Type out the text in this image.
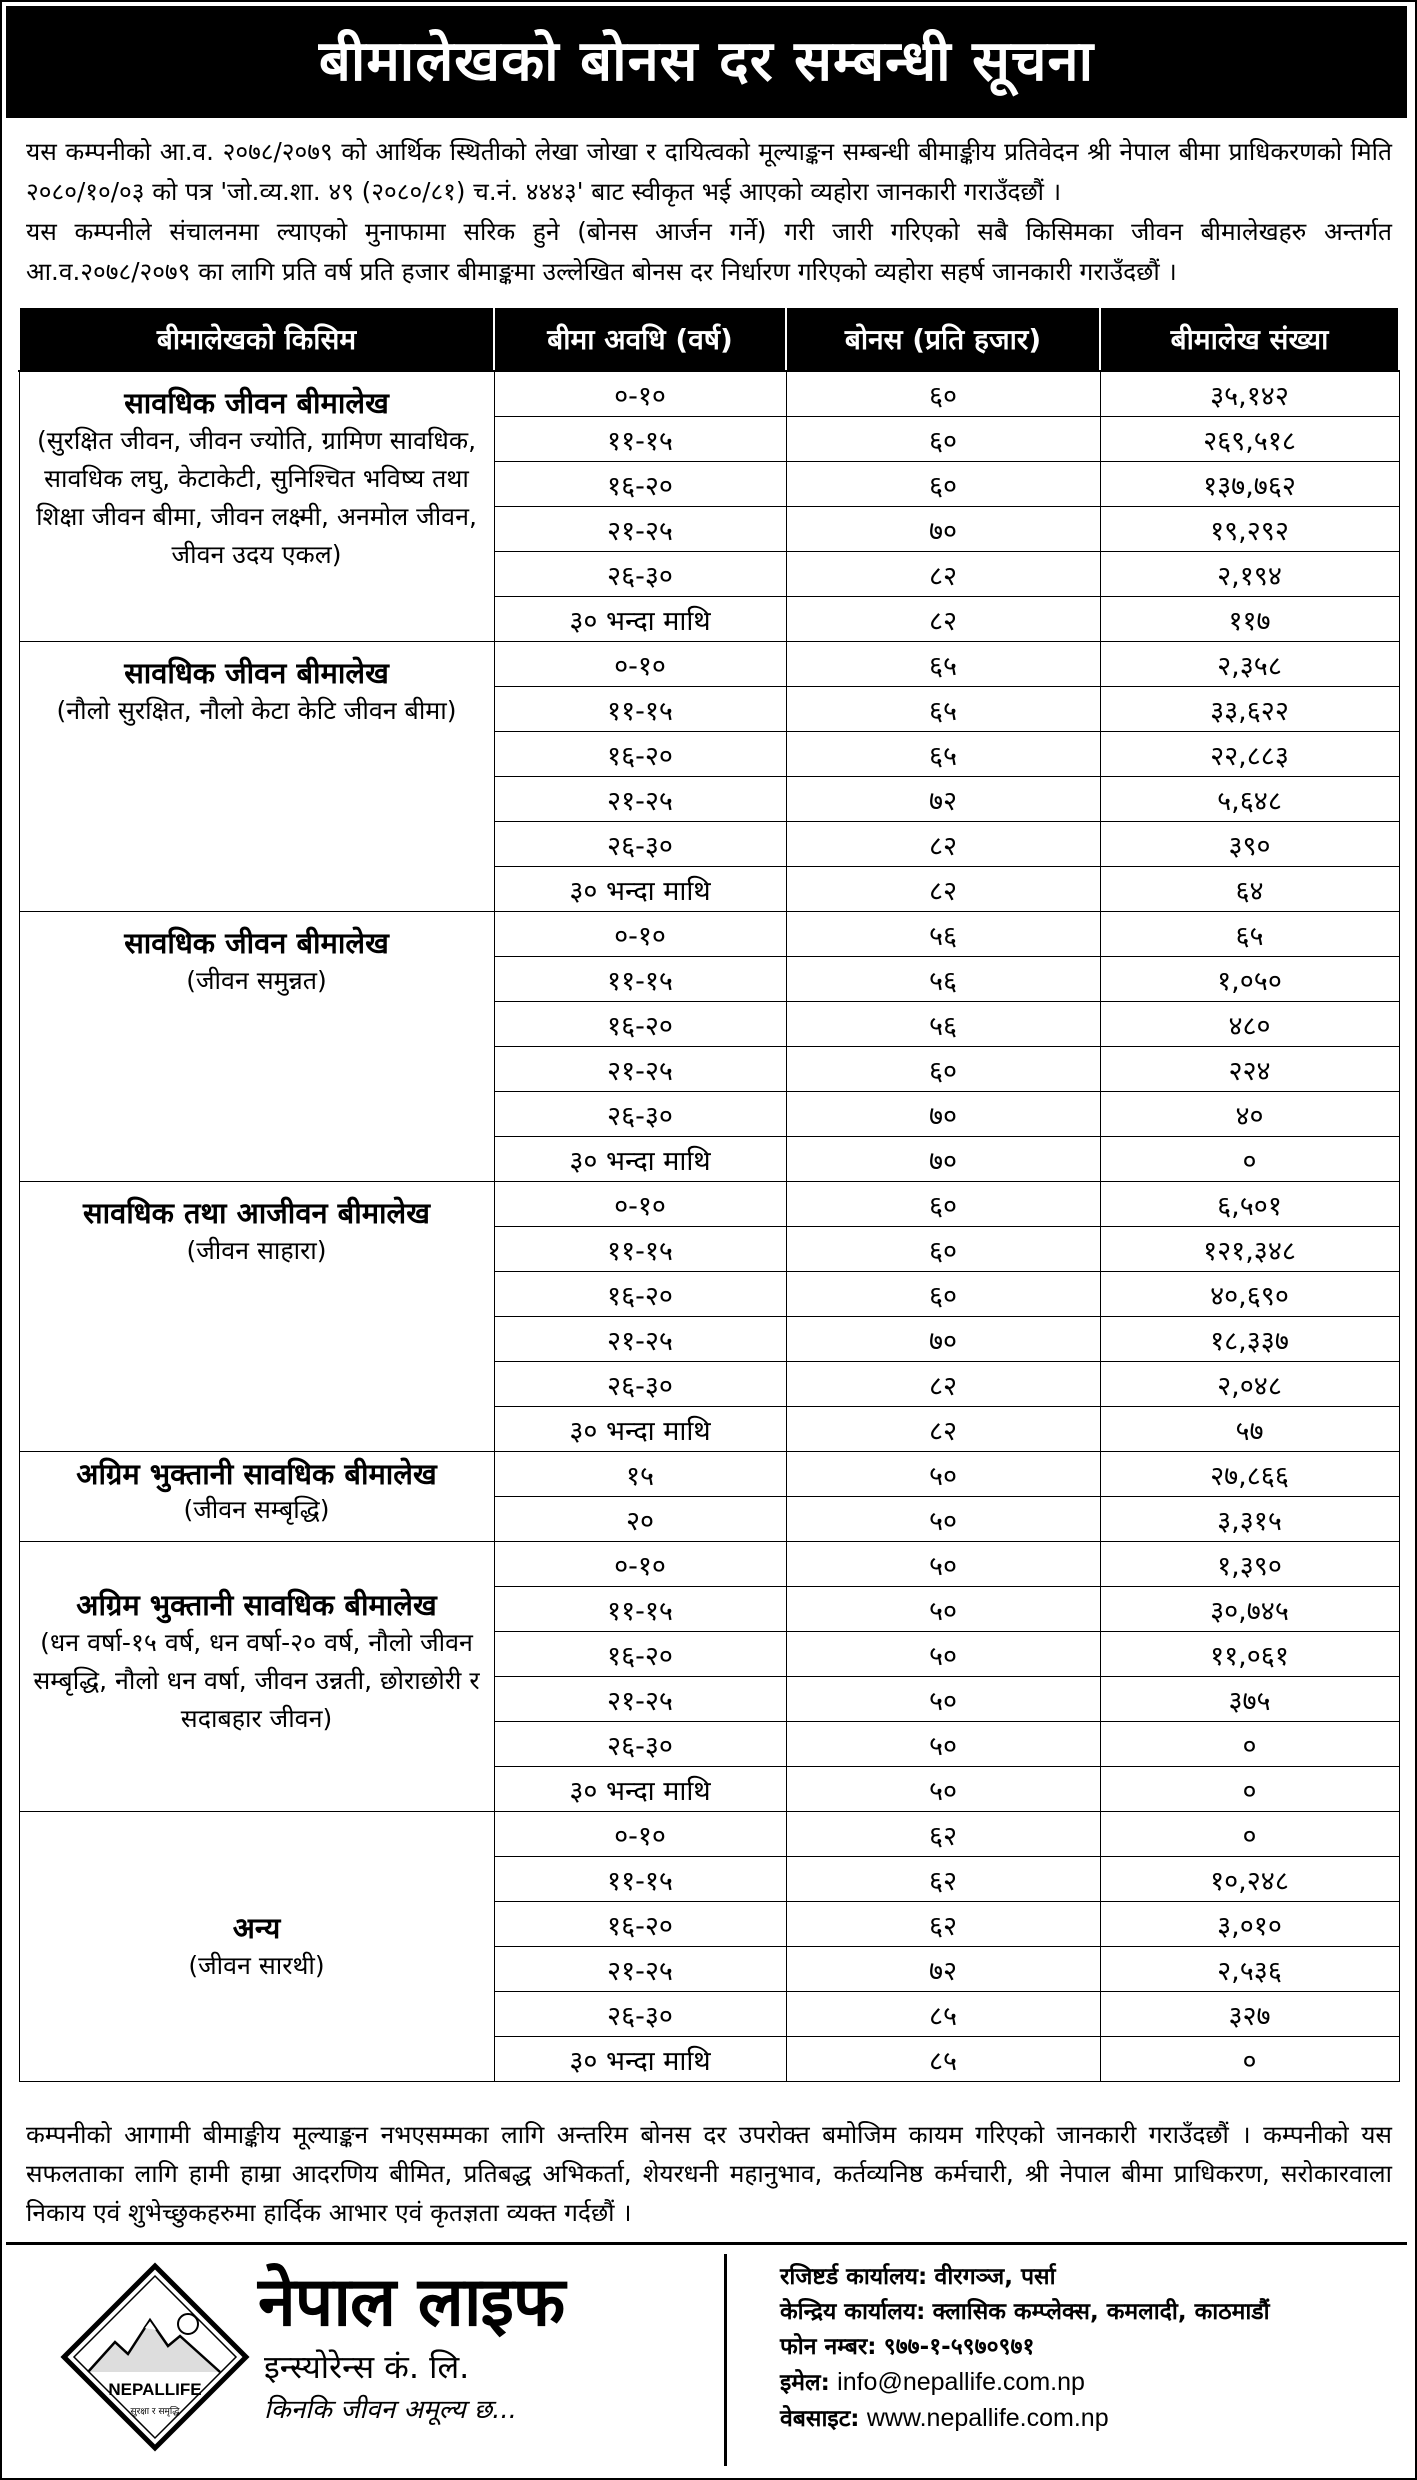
बीमालेखको बोनस दर सम्बन्धी सूचना

यस कम्पनीको आ.व. २०७८/२०७९ को आर्थिक स्थितीको लेखा जोखा र दायित्वको मूल्याङ्कन सम्बन्धी बीमाङ्कीय प्रतिवेदन श्री नेपाल बीमा प्राधिकरणको मिति २०८०/१०/०३ को पत्र 'जो.व्य.शा. ४९ (२०८०/८१) च.नं. ४४४३' बाट स्वीकृत भई आएको व्यहोरा जानकारी गराउँदछौं ।

यस कम्पनीले संचालनमा ल्याएको मुनाफामा सरिक हुने (बोनस आर्जन गर्ने) गरी जारी गरिएको सबै किसिमका जीवन बीमालेखहरु अन्तर्गत आ.व.२०७८/२०७९ का लागि प्रति वर्ष प्रति हजार बीमाङ्कमा उल्लेखित बोनस दर निर्धारण गरिएको व्यहोरा सहर्ष जानकारी गराउँदछौं ।

बीमालेखको किसिम	बीमा अवधि (वर्ष)	बोनस (प्रति हजार)	बीमालेख संख्या

सावधिक जीवन बीमालेख
(सुरक्षित जीवन, जीवन ज्योति, ग्रामिण सावधिक, सावधिक लघु, केटाकेटी, सुनिश्चित भविष्य तथा शिक्षा जीवन बीमा, जीवन लक्ष्मी, अनमोल जीवन, जीवन उदय एकल)	०-१०	६०	३५,१४२
	११-१५	६०	२६९,५१८
	१६-२०	६०	१३७,७६२
	२१-२५	७०	१९,२९२
	२६-३०	८२	२,१९४
	३० भन्दा माथि	८२	११७

सावधिक जीवन बीमालेख
(नौलो सुरक्षित, नौलो केटा केटि जीवन बीमा)	०-१०	६५	२,३५८
	११-१५	६५	३३,६२२
	१६-२०	६५	२२,८८३
	२१-२५	७२	५,६४८
	२६-३०	८२	३९०
	३० भन्दा माथि	८२	६४

सावधिक जीवन बीमालेख
(जीवन समुन्नत)	०-१०	५६	६५
	११-१५	५६	१,०५०
	१६-२०	५६	४८०
	२१-२५	६०	२२४
	२६-३०	७०	४०
	३० भन्दा माथि	७०	०

सावधिक तथा आजीवन बीमालेख
(जीवन साहारा)	०-१०	६०	६,५०१
	११-१५	६०	१२१,३४८
	१६-२०	६०	४०,६९०
	२१-२५	७०	१८,३३७
	२६-३०	८२	२,०४८
	३० भन्दा माथि	८२	५७

अग्रिम भुक्तानी सावधिक बीमालेख
(जीवन सम्बृद्धि)	१५	५०	२७,८६६
	२०	५०	३,३१५

अग्रिम भुक्तानी सावधिक बीमालेख
(धन वर्षा-१५ वर्ष, धन वर्षा-२० वर्ष, नौलो जीवन सम्बृद्धि, नौलो धन वर्षा, जीवन उन्नती, छोराछोरी र सदाबहार जीवन)	०-१०	५०	१,३९०
	११-१५	५०	३०,७४५
	१६-२०	५०	११,०६१
	२१-२५	५०	३७५
	२६-३०	५०	०
	३० भन्दा माथि	५०	०

अन्य
(जीवन सारथी)	०-१०	६२	०
	११-१५	६२	१०,२४८
	१६-२०	६२	३,०१०
	२१-२५	७२	२,५३६
	२६-३०	८५	३२७
	३० भन्दा माथि	८५	०

कम्पनीको आगामी बीमाङ्कीय मूल्याङ्कन नभएसम्मका लागि अन्तरिम बोनस दर उपरोक्त बमोजिम कायम गरिएको जानकारी गराउँदछौं । कम्पनीको यस सफलताका लागि हामी हाम्रा आदरणिय बीमित, प्रतिबद्ध अभिकर्ता, शेयरधनी महानुभाव, कर्तव्यनिष्ठ कर्मचारी, श्री नेपाल बीमा प्राधिकरण, सरोकारवाला निकाय एवं शुभेच्छुकहरुमा हार्दिक आभार एवं कृतज्ञता व्यक्त गर्दछौं ।

NEPALLIFE
सुरक्षा र समृद्धि
नेपाल लाइफ
इन्स्योरेन्स कं. लि.
किनकि जीवन अमूल्य छ...
रजिष्टर्ड कार्यालय: वीरगञ्ज, पर्सा
केन्द्रिय कार्यालय: क्लासिक कम्प्लेक्स, कमलादी, काठमाडौं
फोन नम्बर: ९७७-१-५९७०९७१
इमेल: info@nepallife.com.np
वेबसाइट: www.nepallife.com.np
